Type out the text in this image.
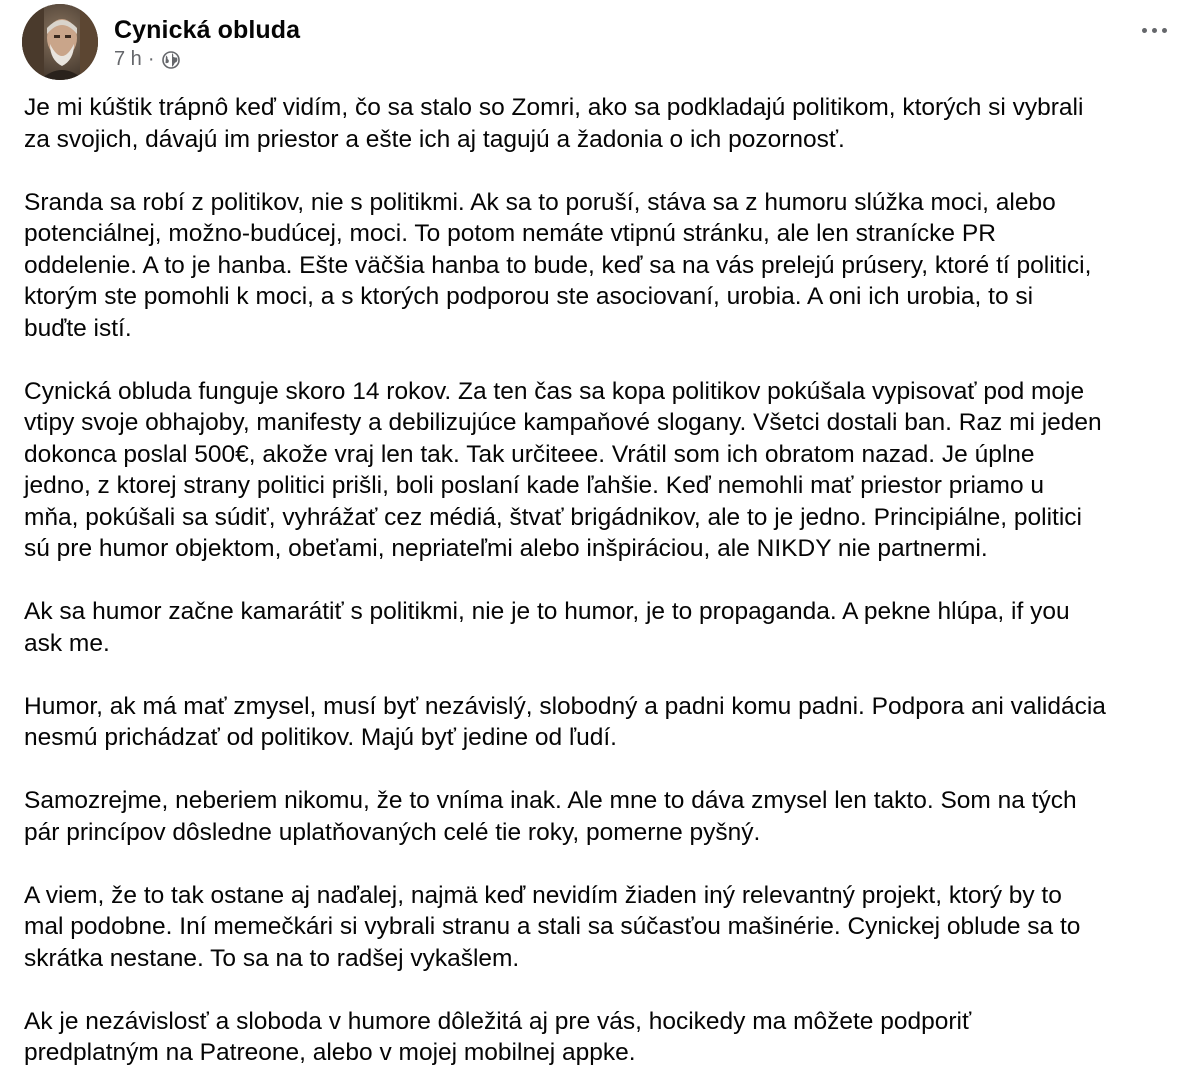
Cynická obluda
7 h ·

Je mi kúštik trápnô keď vidím, čo sa stalo so Zomri, ako sa podkladajú politikom, ktorých si vybrali
za svojich, dávajú im priestor a ešte ich aj tagujú a žadonia o ich pozornosť.

Sranda sa robí z politikov, nie s politikmi. Ak sa to poruší, stáva sa z humoru slúžka moci, alebo
potenciálnej, možno-budúcej, moci. To potom nemáte vtipnú stránku, ale len stranícke PR
oddelenie. A to je hanba. Ešte väčšia hanba to bude, keď sa na vás prelejú prúsery, ktoré tí politici,
ktorým ste pomohli k moci, a s ktorých podporou ste asociovaní, urobia. A oni ich urobia, to si
buďte istí.

Cynická obluda funguje skoro 14 rokov. Za ten čas sa kopa politikov pokúšala vypisovať pod moje
vtipy svoje obhajoby, manifesty a debilizujúce kampaňové slogany. Všetci dostali ban. Raz mi jeden
dokonca poslal 500€, akože vraj len tak. Tak určiteee. Vrátil som ich obratom nazad. Je úplne
jedno, z ktorej strany politici prišli, boli poslaní kade ľahšie. Keď nemohli mať priestor priamo u
mňa, pokúšali sa súdiť, vyhrážať cez médiá, štvať brigádnikov, ale to je jedno. Principiálne, politici
sú pre humor objektom, obeťami, nepriateľmi alebo inšpiráciou, ale NIKDY nie partnermi.

Ak sa humor začne kamarátiť s politikmi, nie je to humor, je to propaganda. A pekne hlúpa, if you
ask me.

Humor, ak má mať zmysel, musí byť nezávislý, slobodný a padni komu padni. Podpora ani validácia
nesmú prichádzať od politikov. Majú byť jedine od ľudí.

Samozrejme, neberiem nikomu, že to vníma inak. Ale mne to dáva zmysel len takto. Som na tých
pár princípov dôsledne uplatňovaných celé tie roky, pomerne pyšný.

A viem, že to tak ostane aj naďalej, najmä keď nevidím žiaden iný relevantný projekt, ktorý by to
mal podobne. Iní memečkári si vybrali stranu a stali sa súčasťou mašinérie. Cynickej oblude sa to
skrátka nestane. To sa na to radšej vykašlem.

Ak je nezávislosť a sloboda v humore dôležitá aj pre vás, hocikedy ma môžete podporiť
predplatným na Patreone, alebo v mojej mobilnej appke.
